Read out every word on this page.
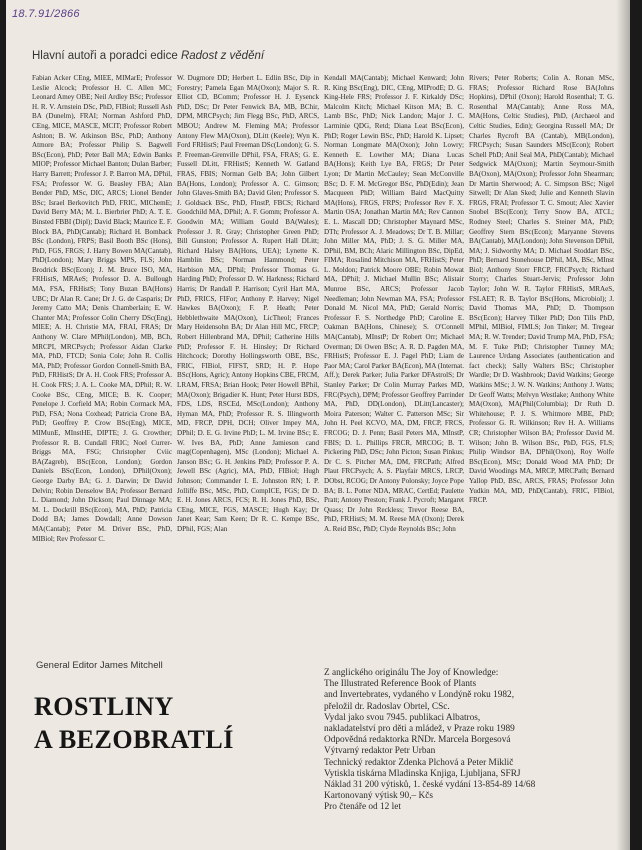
18.7.91/2866
Hlavní autoři a poradci edice Radost z vědění
Fabian Acker CEng, MIEE, MIMarE; Professor Leslie Alcock; Professor H. C. Allen MC; Leonard Amey OBE; Neil Ardley BSc; Professor H. R. V. Arnstein DSc, PhD, FIBiol; Russell Ash BA (Dunelm), FRAI; Norman Ashford PhD, CEng, MICE, MASCE, MCIT; Professor Robert Ashton; B. W. Atkinson BSc, PhD; Anthony Atmore BA; Professor Philip S. Bagwell BSc(Econ), PhD; Peter Ball MA; Edwin Banks MIOP; Professor Michael Banton; Dulan Barber; Harry Barrett; Professor J. P. Barron MA, DPhil, FSA; Professor W. G. Beasley FBA; Alan Bender PhD, MSc, DIC, ARCS; Lionel Bender BSc; Israel Berkovitch PhD, FRIC, MIChemE; David Berry MA; M. L. Bierbrier PhD; A. T. E. Binsted FBBI (Dipl); David Black; Maurice E. F. Block BA, PhD(Cantab); Richard H. Bomback BSc (London), FRPS; Basil Booth BSc (Hons), PhD, FGS, FRGS; J. Harry Bowen MA(Cantab), PhD(London); Mary Briggs MPS, FLS; John Brodrick BSc(Econ); J. M. Bruce ISO, MA, FRHistS, MRAeS; Professor D. A. Bullough MA, FSA, FRHistS; Tony Buzan BA(Hons) UBC; Dr Alan R. Cane; Dr J. G. de Casparis; Dr Jeremy Catto MA; Denis Chamberlain; E. W. Chanter MA; Professor Colin Cherry DSc(Eng), MIEE; A. H. Christie MA, FRAI, FRAS; Dr Anthony W. Clare MPhil(London), MB, BCh, MRCPI, MRCPsych; Professor Aidan Clarke MA, PhD, FTCD; Sonia Cole; John R. Collis MA, PhD; Professor Gordon Connell-Smith BA, PhD, FRHistS; Dr A. H. Cook FRS; Professor A. H. Cook FRS; J. A. L. Cooke MA, DPhil; R. W. Cooke BSc, CEng, MICE; B. K. Cooper; Penelope J. Corfield MA; Robin Cormack MA, PhD, FSA; Nona Coxhead; Patricia Crone BA, PhD; Geoffrey P. Crow BSc(Eng), MICE, MIMunE, MInstHE, DIPTE; J. G. Crowther; Professor R. B. Cundall FRIC; Noel Currer-Briggs MA, FSG; Christopher Cviic BA(Zagreb), BSc(Econ, London); Gordon Daniels BSc(Econ, London), DPhil(Oxon); George Darby BA; G. J. Darwin; Dr David Delvin; Robin Denselow BA; Professor Bernard L. Diamond; John Dickson; Paul Dinnage MA; M. L. Dockrill BSc(Econ), MA, PhD; Patricia Dodd BA; James Dowdall; Anne Dowson MA(Cantab); Peter M. Driver BSc, PhD, MIBiol; Rev Professor C.
W. Dugmore DD; Herbert L. Edlin BSc, Dip in Forestry; Pamela Egan MA(Oxon); Major S. R. Elliot CD, BComm; Professor H. J. Eysenck PhD, DSc; Dr Peter Fenwick BA, MB, BChir, DPM, MRCPsych; Jim Flegg BSc, PhD, ARCS, MBOU; Andrew M. Fleming MA; Professor Antony Flew MA(Oxon), DLitt (Keele); Wyn K. Ford FRHistS; Paul Freeman DSc(London); G. S. P. Freeman-Grenville DPhil, FSA, FRAS; G. E. Fussell DLitt, FRHistS; Kenneth W. Gatland FRAS, FBIS; Norman Gelb BA; John Gilbert BA(Hons, London); Professor A. C. Gimson; John Glaves-Smith BA; David Glen; Professor S. J. Goldsack BSc, PhD, FInstP, FBCS; Richard Goodchild MA, DPhil; A. F. Gomm; Professor A. Goodwin MA; William Gould BA(Wales); Professor J. R. Gray; Christopher Green PhD; Bill Gunston; Professor A. Rupert Hall DLitt; Richard Halsey BA(Hons, UEA); Lynette K. Hamblin BSc; Norman Hammond; Peter Harbison MA, DPhil; Professor Thomas G. Harding PhD; Professor D. W. Harkness; Richard Harris; Dr Randall P. Harrison; Cyril Hart MA, PhD, FRICS, FIFor; Anthony P. Harvey; Nigel Hawkes BA(Oxon); F. P. Heath; Peter Hebblethwaite MA(Oxon), LicTheol; Frances Mary Heidensohn BA; Dr Alan Hill MC, FRCP; Robert Hillenbrand MA, DPhil; Catherine Hills PhD; Professor F. H. Hinsley; Dr Richard Hitchcock; Dorothy Hollingsworth OBE, BSc, FRIC, FIBiol, FIFST, SRD; H. P. Hope BSc(Hons, Agric); Antony Hopkins CBE, FRCM, LRAM, FRSA; Brian Hook; Peter Howell BPhil, MA(Oxon); Brigadier K. Hunt; Peter Hurst BDS, FDS, LDS, RSCEd, MSc(London); Anthony Hyman MA, PhD; Professor R. S. Illingworth MD, FRCP, DPH, DCH; Oliver Impey MA, DPhil; D. E. G. Irvine PhD; L. M. Irvine BSc; E. W. Ives BA, PhD; Anne Jamieson cand mag(Copenhagen), MSc (London); Michael A. Janson BSc; G. H. Jenkins PhD; Professor P. A. Jewell BSc (Agric), MA, PhD, FIBiol; Hugh Johnson; Commander I. E. Johnston RN; I. P. Jolliffe BSc, MSc, PhD, CompICE, FGS; Dr D. E. H. Jones ARCS, FCS; R. H. Jones PhD, BSc, CEng, MICE, FGS, MASCE; Hugh Kay; Dr Janet Kear; Sam Keen; Dr R. C. Kempe BSc, DPhil, FGS; Alan
Kendall MA(Cantab); Michael Kenward; John R. King BSc(Eng), DIC, CEng, MIProdE; D. G. King-Hele FRS; Professor J. F. Kirkaldy DSc; Malcolm Kitch; Michael Kitson MA; B. C. Lamb BSc, PhD; Nick Landon; Major J. C. Larminie QDG, Retd; Diana Leat BSc(Econ), PhD; Roger Lewin BSc, PhD; Harold K. Lipset; Norman Longmate MA(Oxon); John Lowry; Kenneth E. Lowther MA; Diana Lucas BA(Hons); Keith Lye BA, FRGS; Dr Peter Lyon; Dr Martin McCauley; Sean McConville BSc; D. F. M. McGregor BSc, PhD(Edin); Jean Macqueen PhD; William Baird MacQuitty MA(Hons), FRGS, FRPS; Professor Rev F. X. Martin OSA; Jonathan Martin MA; Rev Cannon E. L. Mascall DD; Christopher Maynard MSc, DTh; Professor A. J. Meadows; Dr T. B. Millar; John Miller MA, PhD; J. S. G. Miller MA, DPhil, BM, BCh; Alaric Millington BSc, DipEd, FIMA; Rosalind Mitchison MA, FRHistS; Peter L. Moldon; Patrick Moore OBE; Robin Mowat MA, DPhil; J. Michael Mullin BSc; Alistair Munroe BSc, ARCS; Professor Jacob Needleman; John Newman MA, FSA; Professor Donald M. Nicol MA, PhD; Gerald Norris; Professor F. S. Northedge PhD; Caroline E. Oakman BA(Hons, Chinese); S. O'Connell MA(Cantab), MInstP; Dr Robert Orr; Michael Overman; Di Owen BSc; A. R. D. Pagden MA, FRHistS; Professor E. J. Pagel PhD; Liam de Paor MA; Carol Parker BA(Econ), MA (Internat. Aff.); Derek Parker; Julia Parker DFAstrolS; Dr Stanley Parker; Dr Colin Murray Parkes MD, FRC(Psych), DPM; Professor Geoffrey Parrinder MA, PhD, DD(London), DLitt(Lancaster); Moira Paterson; Walter C. Patterson MSc; Sir John H. Peel KCVO, MA, DM, FRCP, FRCS, FRCOG; D. J. Penn; Basil Peters MA, MInstP, FBIS; D. L. Phillips FRCR, MRCOG; B. T. Pickering PhD, DSc; John Picton; Susan Pinkus; Dr C. S. Pitcher MA, DM, FRCPath; Alfred Plaut FRCPsych; A. S. Playfair MRCS, LRCP, DObst, RCOG; Dr Antony Polonsky; Joyce Pope BA; B. L. Potter NDA, MRAC, CertEd; Paulette Pratt; Antony Preston; Frank J. Pycroft; Margaret Quass; Dr John Reckless; Trevor Reese BA, PhD, FRHistS; M. M. Reese MA (Oxon); Derek A. Reid BSc, PhD; Clyde Reynolds BSc; John
Rivers; Peter Roberts; Colin A. Ronan MSc, FRAS; Professor Richard Rose BA(Johns Hopkins), DPhil (Oxon); Harold Rosenthal; T. G. Rosenthal MA(Cantab); Anne Ross MA, MA(Hons, Celtic Studies), PhD, (Archaeol and Celtic Studies, Edin); Georgina Russell MA; Dr Charles Rycroft BA (Cantab), MB(London), FRCPsych; Susan Saunders MSc(Econ); Robert Schell PhD; Anil Seal MA, PhD(Cantab); Michael Sedgwick MA(Oxon); Martin Seymour-Smith BA(Oxon), MA(Oxon); Professor John Shearman; Dr Martin Sherwood; A. C. Simpson BSc; Nigel Sitwell; Dr Alan Sked; Julie and Kenneth Slavin FRGS, FRAI; Professor T. C. Smout; Alec Xavier Snobel BSc(Econ); Terry Snow BA, ATCL; Rodney Steel; Charles S. Steiner MA, PhD; Geoffrey Stern BSc(Econ); Maryanne Stevens BA(Cantab), MA(London); John Stevenson DPhil, MA; J. Sidworthy MA; D. Michael Stoddart BSc, PhD; Bernard Stonehouse DPhil, MA, BSc, MInst Biol; Anthony Storr FRCP, FRCPsych; Richard Storry; Charles Stuart-Jervis; Professor John Taylor; John W. R. Taylor FRHistS, MRAeS, FSLAET; R. B. Taylor BSc(Hons, Microbiol); J. David Thomas MA, PhD; D. Thompson BSc(Econ); Harvey Tilker PhD; Don Tills PhD, MPhil, MIBiol, FIMLS; Jon Tinker; M. Tregear MA; R. W. Trender; David Trump MA, PhD, FSA; M. F. Tuke PhD; Christopher Tunney MA; Laurence Urdang Associates (authentication and fact check); Sally Walters BSc; Christopher Wardle; Dr D. Washbrook; David Watkins; George Watkins MSc; J. W. N. Watkins; Anthony J. Watts; Dr Geoff Watts; Melvyn Westlake; Anthony White MA(Oxon), MA(Phil(Columbia); Dr Ruth D. Whitehouse; P. J. S. Whitmore MBE, PhD; Professor G. R. Wilkinson; Rev H. A. Williams CR; Christopher Wilson BA; Professor David M. Wilson; John B. Wilson BSc, PhD, FGS, FLS; Philip Windsor BA, DPhil(Oxon), Roy Wolfe BSc(Econ), MSc; Donald Wood MA PhD; Dr David Woodings MA, MRCP, MRCPath; Bernard Yallop PhD, BSc, ARCS, FRAS; Professor John Yudkin MA, MD, PhD(Cantab), FRIC, FIBiol, FRCP.
General Editor James Mitchell
ROSTLINY
A BEZOBRATLÍ
Z anglického originálu The Joy of Knowledge:
The Illustrated Reference Book of Plants
and Invertebrates, vydaného v Londýně roku 1982,
přeložil dr. Radoslav Obrtel, CSc.
Vydal jako svou 7945. publikaci Albatros,
nakladatelství pro děti a mládež, v Praze roku 1989
Odpovědná redaktorka RNDr. Marcela Borgesová
Výtvarný redaktor Petr Urban
Technický redaktor Zdenka Plchová a Peter Miklič
Vytiskla tiskárna Mladinska Knjiga, Ljubljana, SFRJ
Náklad 31 200 výtisků, 1. české vydání 13-854-89 14/68
Kartonovaný výtisk 90,– Kčs
Pro čtenáře od 12 let
